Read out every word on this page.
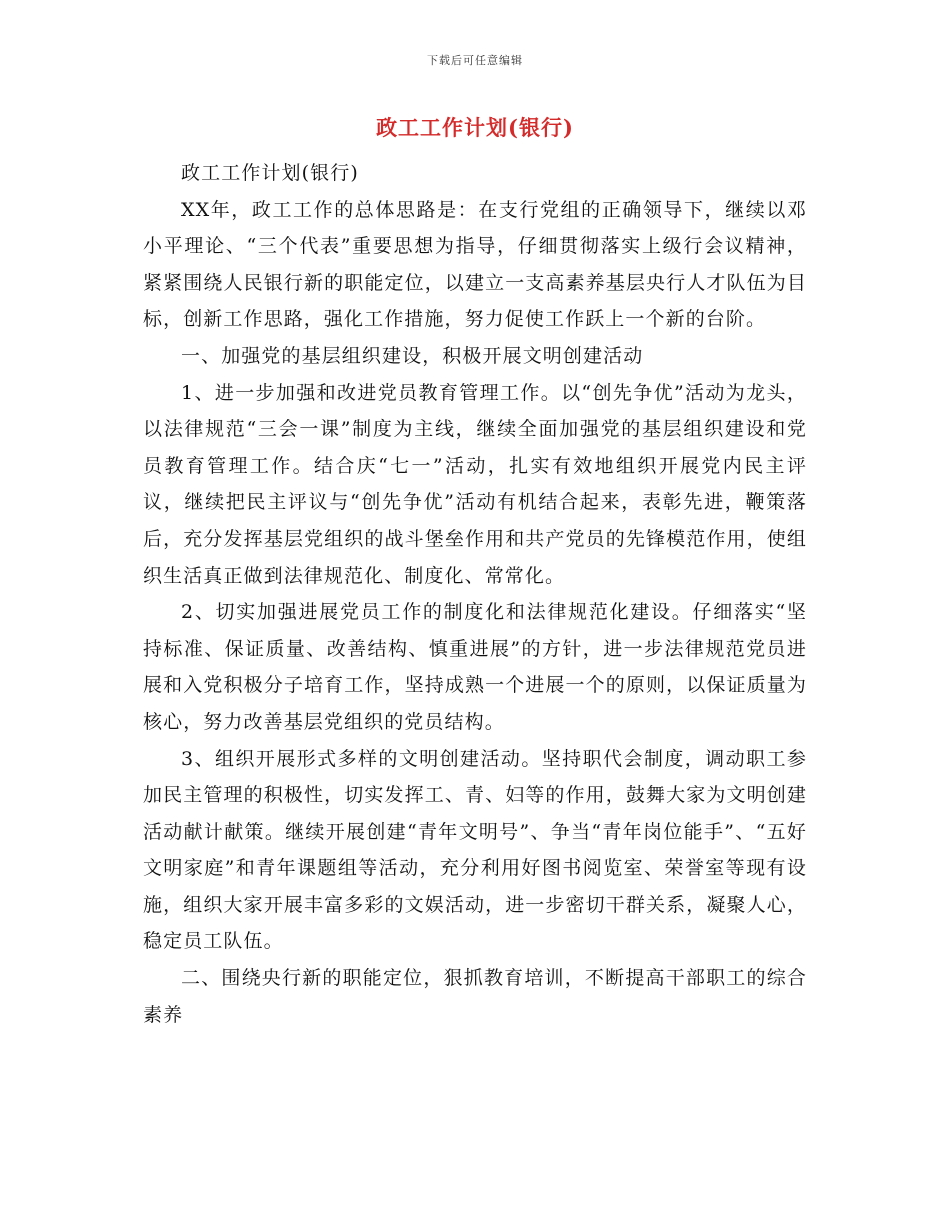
下载后可任意编辑
政工工作计划(银行)

政工工作计划(银行)

XX年，政工工作的总体思路是：在支行党组的正确领导下，继续以邓小平理论、“三个代表”重要思想为指导，仔细贯彻落实上级行会议精神，紧紧围绕人民银行新的职能定位，以建立一支高素养基层央行人才队伍为目标，创新工作思路，强化工作措施，努力促使工作跃上一个新的台阶。

一、加强党的基层组织建设，积极开展文明创建活动

1、进一步加强和改进党员教育管理工作。以“创先争优”活动为龙头，以法律规范“三会一课”制度为主线，继续全面加强党的基层组织建设和党员教育管理工作。结合庆“七一”活动，扎实有效地组织开展党内民主评议，继续把民主评议与“创先争优”活动有机结合起来，表彰先进，鞭策落后，充分发挥基层党组织的战斗堡垒作用和共产党员的先锋模范作用，使组织生活真正做到法律规范化、制度化、常常化。

2、切实加强进展党员工作的制度化和法律规范化建设。仔细落实“坚持标准、保证质量、改善结构、慎重进展”的方针，进一步法律规范党员进展和入党积极分子培育工作，坚持成熟一个进展一个的原则，以保证质量为核心，努力改善基层党组织的党员结构。

3、组织开展形式多样的文明创建活动。坚持职代会制度，调动职工参加民主管理的积极性，切实发挥工、青、妇等的作用，鼓舞大家为文明创建活动献计献策。继续开展创建“青年文明号”、争当“青年岗位能手”、“五好文明家庭”和青年课题组等活动，充分利用好图书阅览室、荣誉室等现有设施，组织大家开展丰富多彩的文娱活动，进一步密切干群关系，凝聚人心，稳定员工队伍。

二、围绕央行新的职能定位，狠抓教育培训，不断提高干部职工的综合素养
